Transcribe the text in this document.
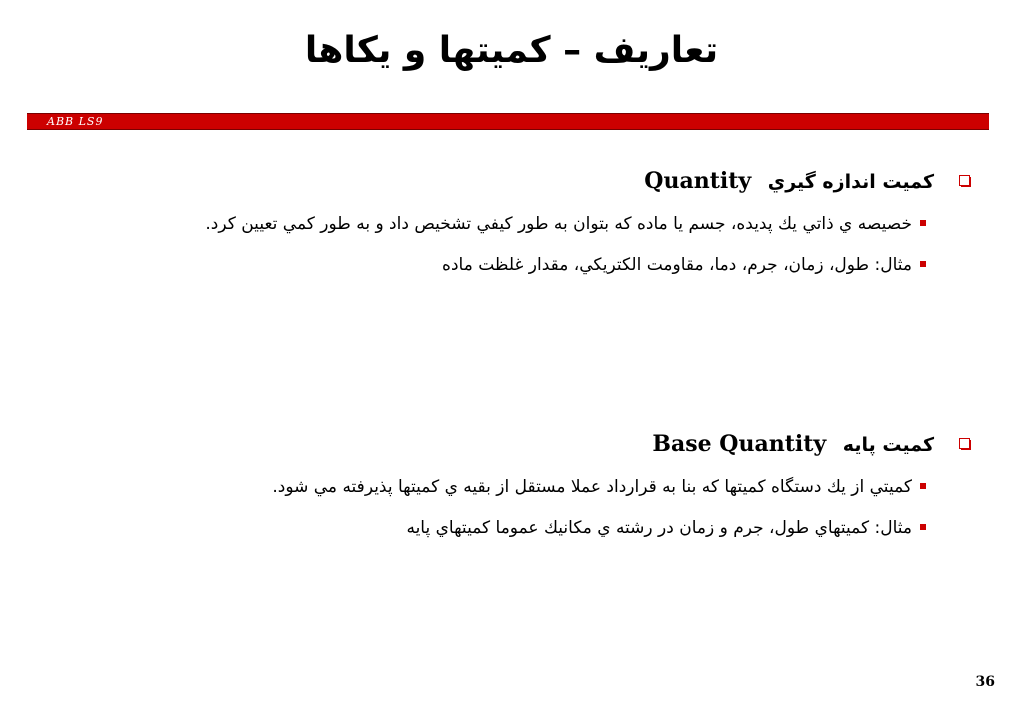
تعاريف – كميتها و يكاها
ABB LS9
كميت اندازه گيري Quantity
خصيصه ي ذاتي يك پديده، جسم يا ماده كه بتوان به طور كيفي تشخيص داد و به طور كمي تعيين كرد.
مثال: طول، زمان، جرم، دما، مقاومت الكتريكي، مقدار غلظت ماده
كميت پايه Base Quantity
كميتي از يك دستگاه كميتها كه بنا به قرارداد عملا مستقل از بقيه ي كميتها پذيرفته مي شود.
مثال: كميتهاي طول، جرم و زمان در رشته ي مكانيك عموما كميتهاي پايه
36
